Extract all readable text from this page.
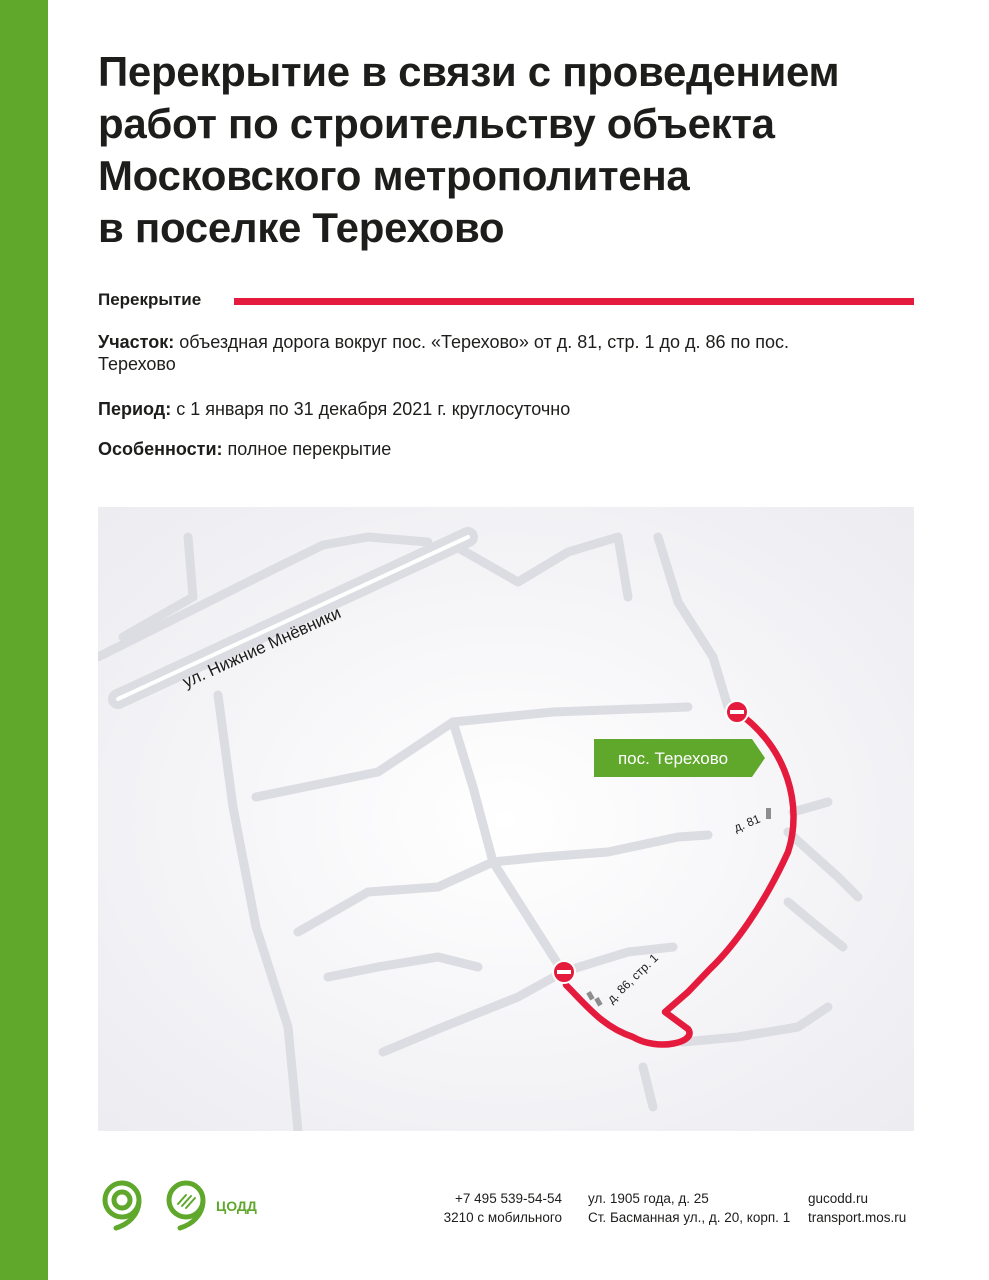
Перекрытие в связи с проведением
работ по строительству объекта
Московского метрополитена
в поселке Терехово
Перекрытие

Участок: объездная дорога вокруг пос. «Терехово» от д. 81, стр. 1 до д. 86 по пос.
Терехово

Период: с 1 января по 31 декабря 2021 г. круглосуточно

Особенности: полное перекрытие

ул. Нижние Мнёвники
пос. Терехово
д. 81
д. 86, стр. 1
ЦОДД	+7 495 539-54-54
3210 с мобильного
ул. 1905 года, д. 25
Ст. Басманная ул., д. 20, корп. 1
gucodd.ru
transport.mos.ru
